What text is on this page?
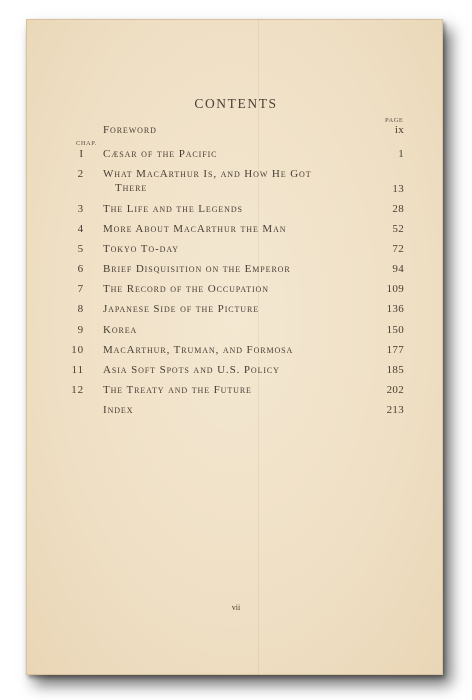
CONTENTS
PAGE
CHAP.
Foreword	ix
I Cæsar of the Pacific	1
2 What MacArthur Is, and How He Got
There	13
3 The Life and the Legends	28
4 More About MacArthur the Man	52
5 Tokyo To-day	72
6 Brief Disquisition on the Emperor	94
7 The Record of the Occupation	109
8 Japanese Side of the Picture	136
9 Korea	150
10 MacArthur, Truman, and Formosa	177
11 Asia Soft Spots and U.S. Policy	185
12 The Treaty and the Future	202
Index	213
vii
